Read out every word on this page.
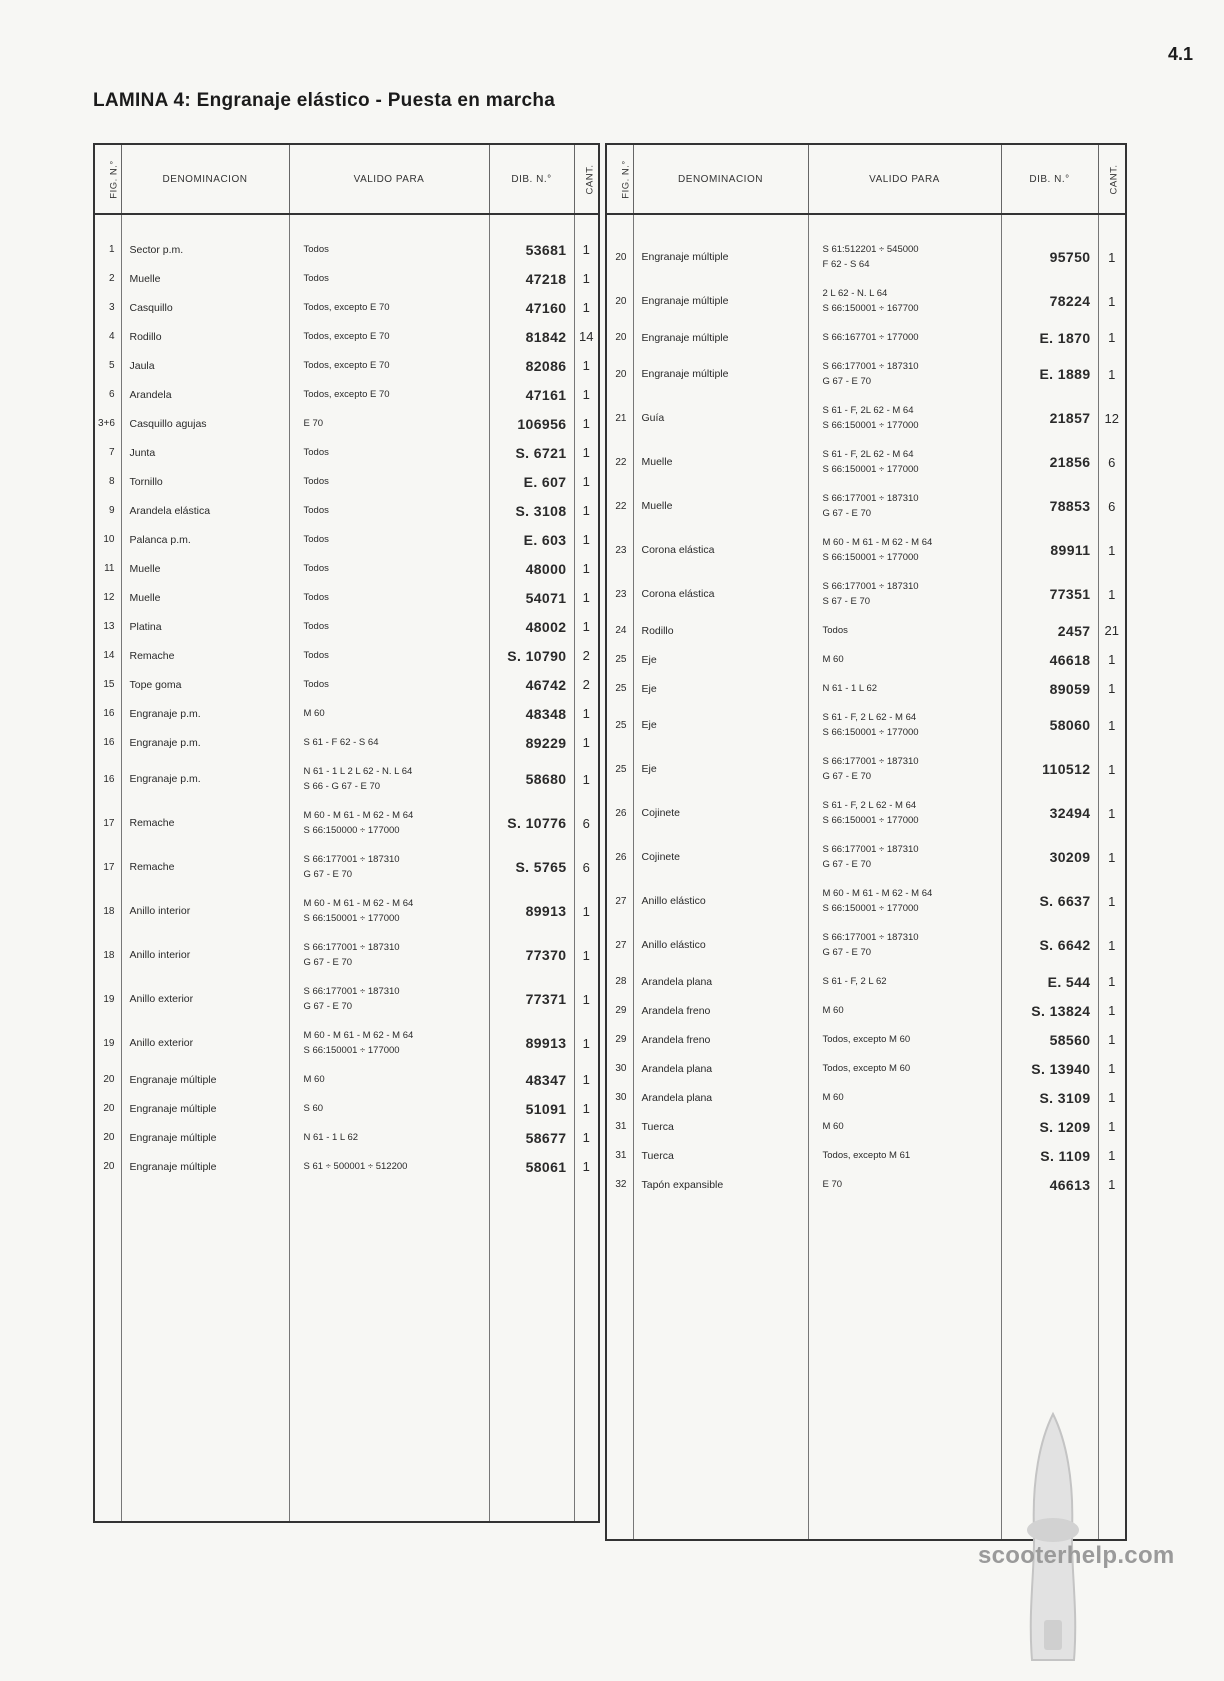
4.1
LAMINA 4: Engranaje elástico - Puesta en marcha
FIG. N.°	DENOMINACION	VALIDO PARA	DIB. N.°	CANT.

1	Sector p.m.	Todos	53681	1
2	Muelle	Todos	47218	1
3	Casquillo	Todos, excepto E 70	47160	1
4	Rodillo	Todos, excepto E 70	81842	14
5	Jaula	Todos, excepto E 70	82086	1
6	Arandela	Todos, excepto E 70	47161	1
3+6	Casquillo agujas	E 70	106956	1
7	Junta	Todos	S. 6721	1
8	Tornillo	Todos	E. 607	1
9	Arandela elástica	Todos	S. 3108	1
10	Palanca p.m.	Todos	E. 603	1
11	Muelle	Todos	48000	1
12	Muelle	Todos	54071	1
13	Platina	Todos	48002	1
14	Remache	Todos	S. 10790	2
15	Tope goma	Todos	46742	2
16	Engranaje p.m.	M 60	48348	1
16	Engranaje p.m.	S 61 - F 62 - S 64	89229	1
16	Engranaje p.m.	N 61 - 1 L 2 L 62 - N. L 64
S 66 - G 67 - E 70	58680	1
17	Remache	M 60 - M 61 - M 62 - M 64
S 66:150000 ÷ 177000	S. 10776	6
17	Remache	S 66:177001 ÷ 187310
G 67 - E 70	S. 5765	6
18	Anillo interior	M 60 - M 61 - M 62 - M 64
S 66:150001 ÷ 177000	89913	1
18	Anillo interior	S 66:177001 ÷ 187310
G 67 - E 70	77370	1
19	Anillo exterior	S 66:177001 ÷ 187310
G 67 - E 70	77371	1
19	Anillo exterior	M 60 - M 61 - M 62 - M 64
S 66:150001 ÷ 177000	89913	1
20	Engranaje múltiple	M 60	48347	1
20	Engranaje múltiple	S 60	51091	1
20	Engranaje múltiple	N 61 - 1 L 62	58677	1
20	Engranaje múltiple	S 61 ÷ 500001 ÷ 512200	58061	1

FIG. N.°	DENOMINACION	VALIDO PARA	DIB. N.°	CANT.

20	Engranaje múltiple	S 61:512201 ÷ 545000
F 62 - S 64	95750	1
20	Engranaje múltiple	2 L 62 - N. L 64
S 66:150001 ÷ 167700	78224	1
20	Engranaje múltiple	S 66:167701 ÷ 177000	E. 1870	1
20	Engranaje múltiple	S 66:177001 ÷ 187310
G 67 - E 70	E. 1889	1
21	Guía	S 61 - F, 2L 62 - M 64
S 66:150001 ÷ 177000	21857	12
22	Muelle	S 61 - F, 2L 62 - M 64
S 66:150001 ÷ 177000	21856	6
22	Muelle	S 66:177001 ÷ 187310
G 67 - E 70	78853	6
23	Corona elástica	M 60 - M 61 - M 62 - M 64
S 66:150001 ÷ 177000	89911	1
23	Corona elástica	S 66:177001 ÷ 187310
S 67 - E 70	77351	1
24	Rodillo	Todos	2457	21
25	Eje	M 60	46618	1
25	Eje	N 61 - 1 L 62	89059	1
25	Eje	S 61 - F, 2 L 62 - M 64
S 66:150001 ÷ 177000	58060	1
25	Eje	S 66:177001 ÷ 187310
G 67 - E 70	110512	1
26	Cojinete	S 61 - F, 2 L 62 - M 64
S 66:150001 ÷ 177000	32494	1
26	Cojinete	S 66:177001 ÷ 187310
G 67 - E 70	30209	1
27	Anillo elástico	M 60 - M 61 - M 62 - M 64
S 66:150001 ÷ 177000	S. 6637	1
27	Anillo elástico	S 66:177001 ÷ 187310
G 67 - E 70	S. 6642	1
28	Arandela plana	S 61 - F, 2 L 62	E. 544	1
29	Arandela freno	M 60	S. 13824	1
29	Arandela freno	Todos, excepto M 60	58560	1
30	Arandela plana	Todos, excepto M 60	S. 13940	1
30	Arandela plana	M 60	S. 3109	1
31	Tuerca	M 60	S. 1209	1
31	Tuerca	Todos, excepto M 61	S. 1109	1
32	Tapón expansible	E 70	46613	1

scooterhelp.com
